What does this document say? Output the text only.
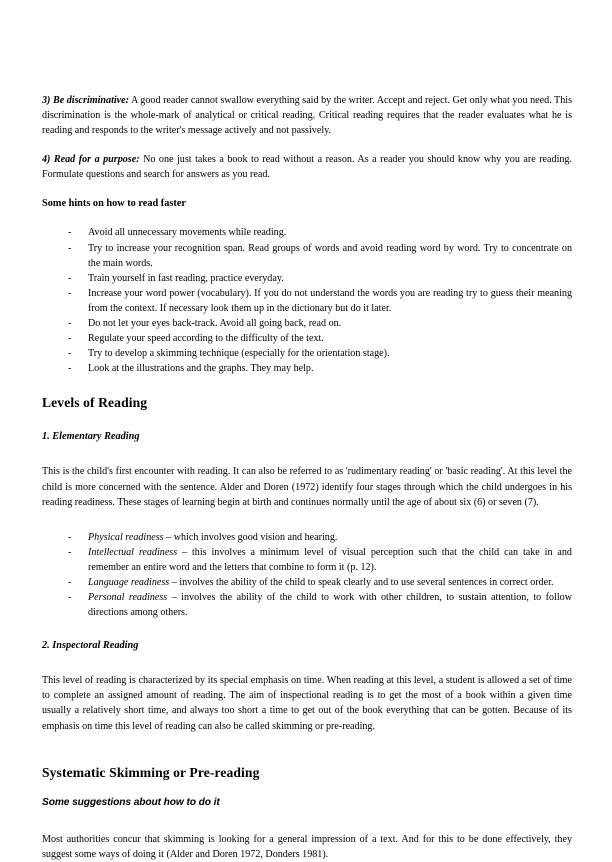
3) Be discriminative: A good reader cannot swallow everything said by the writer. Accept and reject. Get only what you need. This discrimination is the whole-mark of analytical or critical reading. Critical reading requires that the reader evaluates what he is reading and responds to the writer's message actively and not passively.

4) Read for a purpose: No one just takes a book to read without a reason. As a reader you should know why you are reading. Formulate questions and search for answers as you read.

Some hints on how to read faster
- Avoid all unnecessary movements while reading.
- Try to increase your recognition span. Read groups of words and avoid reading word by word. Try to concentrate on the main words.
- Train yourself in fast reading, practice everyday.
- Increase your word power (vocabulary). If you do not understand the words you are reading try to guess their meaning from the context. If necessary look them up in the dictionary but do it later.
- Do not let your eyes back-track. Avoid all going back, read on.
- Regulate your speed according to the difficulty of the text.
- Try to develop a skimming technique (especially for the orientation stage).
- Look at the illustrations and the graphs. They may help.
Levels of Reading
1. Elementary Reading

This is the child's first encounter with reading. It can also be referred to as 'rudimentary reading' or 'basic reading'. At this level the child is more concerned with the sentence. Alder and Doren (1972) identify four stages through which the child undergoes in his reading readiness. These stages of learning begin at birth and continues normally until the age of about six (6) or seven (7).

- Physical readiness – which involves good vision and hearing.
- Intellectual readiness – this involves a minimum level of visual perception such that the child can take in and remember an entire word and the letters that combine to form it (p. 12).
- Language readiness – involves the ability of the child to speak clearly and to use several sentences in correct order.
- Personal readiness – involves the ability of the child to work with other children, to sustain attention, to follow directions among others.
2. Inspectoral Reading

This level of reading is characterized by its special emphasis on time. When reading at this level, a student is allowed a set of time to complete an assigned amount of reading. The aim of inspectional reading is to get the most of a book within a given time usually a relatively short time, and always too short a time to get out of the book everything that can be gotten. Because of its emphasis on time this level of reading can also be called skimming or pre-reading.

Systematic Skimming or Pre-reading
Some suggestions about how to do it

Most authorities concur that skimming is looking for a general impression of a text. And for this to be done effectively, they suggest some ways of doing it (Alder and Doren 1972, Donders 1981).
